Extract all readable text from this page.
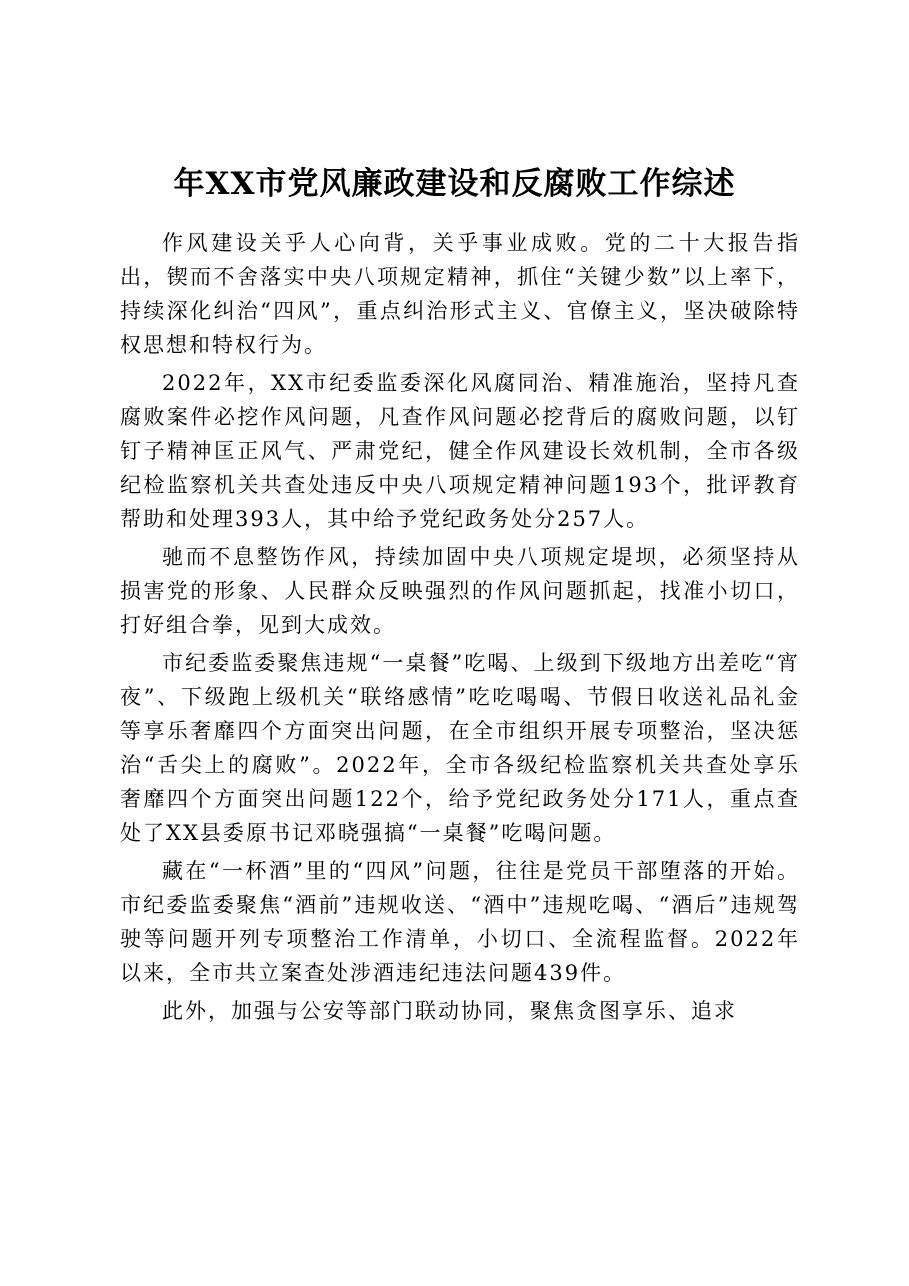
年XX市党风廉政建设和反腐败工作综述

作风建设关乎人心向背，关乎事业成败。党的二十大报告指出，锲而不舍落实中央八项规定精神，抓住“关键少数”以上率下，持续深化纠治“四风”，重点纠治形式主义、官僚主义，坚决破除特权思想和特权行为。

2022年，XX市纪委监委深化风腐同治、精准施治，坚持凡查腐败案件必挖作风问题，凡查作风问题必挖背后的腐败问题，以钉钉子精神匡正风气、严肃党纪，健全作风建设长效机制，全市各级纪检监察机关共查处违反中央八项规定精神问题193个，批评教育帮助和处理393人，其中给予党纪政务处分257人。

驰而不息整饬作风，持续加固中央八项规定堤坝，必须坚持从损害党的形象、人民群众反映强烈的作风问题抓起，找准小切口，打好组合拳，见到大成效。

市纪委监委聚焦违规“一桌餐”吃喝、上级到下级地方出差吃“宵夜”、下级跑上级机关“联络感情”吃吃喝喝、节假日收送礼品礼金等享乐奢靡四个方面突出问题，在全市组织开展专项整治，坚决惩治“舌尖上的腐败”。2022年，全市各级纪检监察机关共查处享乐奢靡四个方面突出问题122个，给予党纪政务处分171人，重点查处了XX县委原书记邓晓强搞“一桌餐”吃喝问题。

藏在“一杯酒”里的“四风”问题，往往是党员干部堕落的开始。市纪委监委聚焦“酒前”违规收送、“酒中”违规吃喝、“酒后”违规驾驶等问题开列专项整治工作清单，小切口、全流程监督。2022年以来，全市共立案查处涉酒违纪违法问题439件。

此外，加强与公安等部门联动协同，聚焦贪图享乐、追求
